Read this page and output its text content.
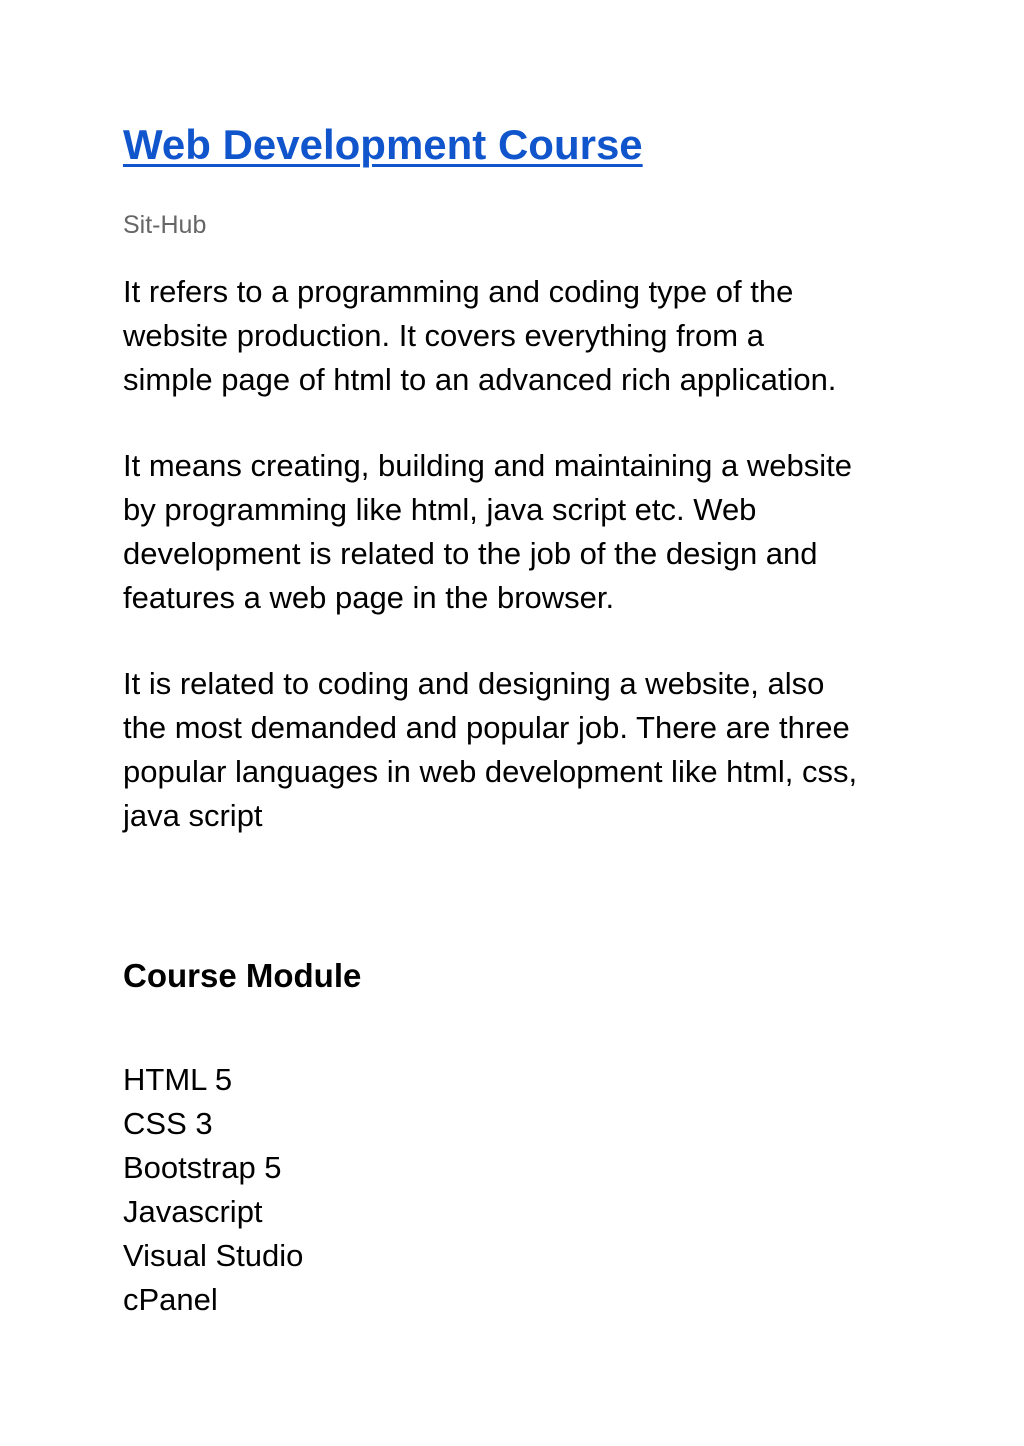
Web Development Course

Sit-Hub

It refers to a programming and coding type of the
website production. It covers everything from a
simple page of html to an advanced rich application.
It means creating, building and maintaining a website
by programming like html, java script etc. Web
development is related to the job of the design and
features a web page in the browser.
It is related to coding and designing a website, also
the most demanded and popular job. There are three
popular languages in web development like html, css,
java script
Course Module
HTML 5
CSS 3
Bootstrap 5
Javascript
Visual Studio
cPanel
